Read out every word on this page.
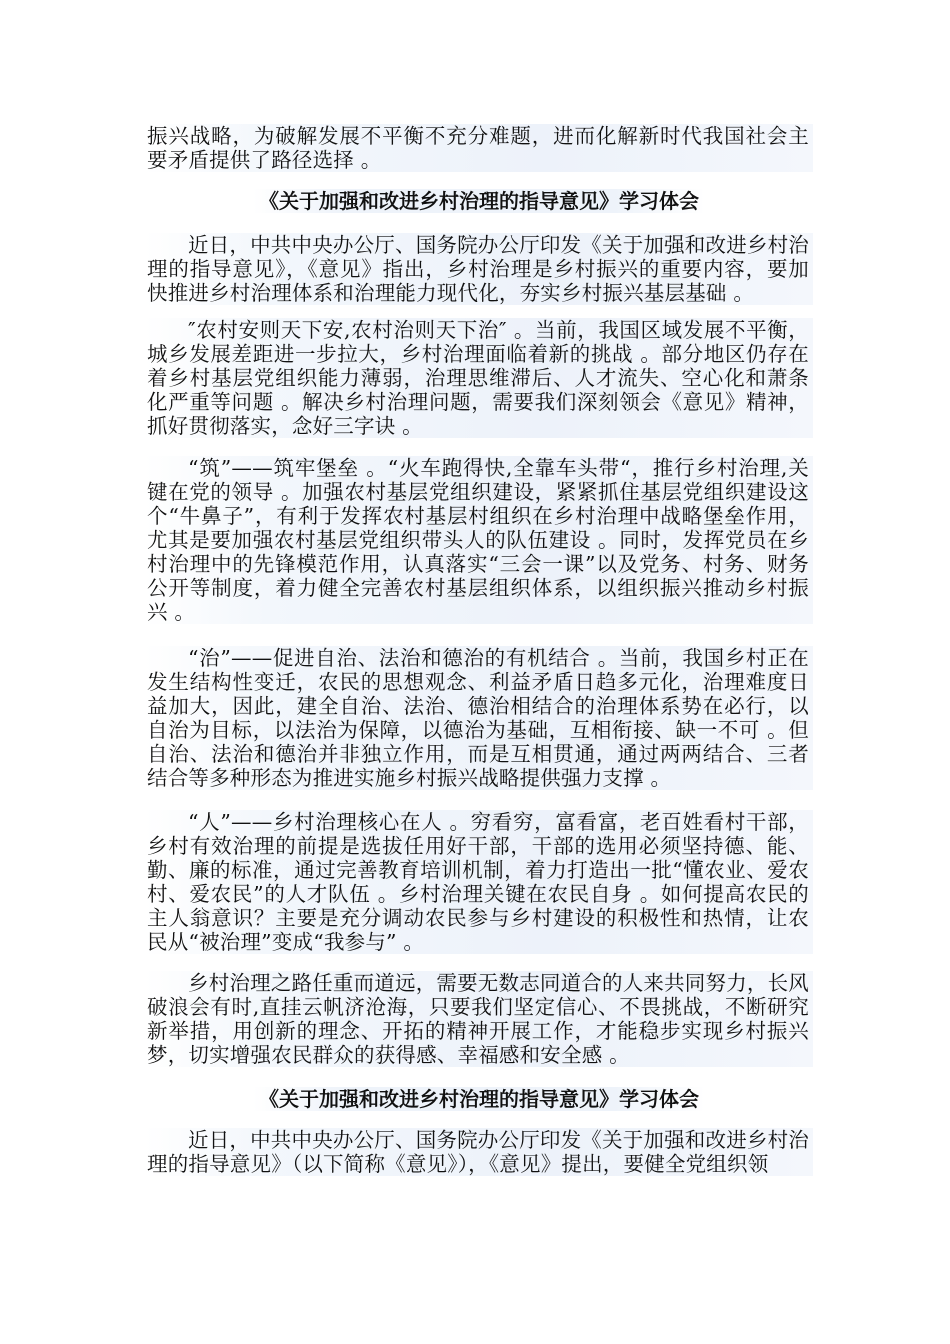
振兴战略，为破解发展不平衡不充分难题，进而化解新时代我国社会主要矛盾提供了路径选择 。

《关于加强和改进乡村治理的指导意见》学习体会

近日，中共中央办公厅、国务院办公厅印发《关于加强和改进乡村治理的指导意见》，《意见》指出，乡村治理是乡村振兴的重要内容，要加快推进乡村治理体系和治理能力现代化，夯实乡村振兴基层基础 。

″农村安则天下安,农村治则天下治″ 。当前，我国区域发展不平衡，城乡发展差距进一步拉大，乡村治理面临着新的挑战 。部分地区仍存在着乡村基层党组织能力薄弱，治理思维滞后、人才流失、空心化和萧条化严重等问题 。解决乡村治理问题，需要我们深刻领会《意见》精神，抓好贯彻落实，念好三字诀 。

“筑”——筑牢堡垒 。“火车跑得快,全靠车头带“，推行乡村治理,关键在党的领导 。加强农村基层党组织建设，紧紧抓住基层党组织建设这个“牛鼻子”，有利于发挥农村基层村组织在乡村治理中战略堡垒作用，尤其是要加强农村基层党组织带头人的队伍建设 。同时，发挥党员在乡村治理中的先锋模范作用，认真落实“三会一课”以及党务、村务、财务公开等制度，着力健全完善农村基层组织体系，以组织振兴推动乡村振兴 。

“治”——促进自治、法治和德治的有机结合 。当前，我国乡村正在发生结构性变迁，农民的思想观念、利益矛盾日趋多元化，治理难度日益加大，因此，建全自治、法治、德治相结合的治理体系势在必行，以自治为目标，以法治为保障，以德治为基础，互相衔接、缺一不可 。但自治、法治和德治并非独立作用，而是互相贯通，通过两两结合、三者结合等多种形态为推进实施乡村振兴战略提供强力支撑 。

“人”——乡村治理核心在人 。穷看穷，富看富，老百姓看村干部，乡村有效治理的前提是选拔任用好干部，干部的选用必须坚持德、能、勤、廉的标准，通过完善教育培训机制，着力打造出一批“懂农业、爱农村、爱农民”的人才队伍 。乡村治理关键在农民自身 。如何提高农民的主人翁意识？主要是充分调动农民参与乡村建设的积极性和热情，让农民从“被治理”变成“我参与” 。

乡村治理之路任重而道远，需要无数志同道合的人来共同努力，长风破浪会有时,直挂云帆济沧海，只要我们坚定信心、不畏挑战，不断研究新举措，用创新的理念、开拓的精神开展工作，才能稳步实现乡村振兴梦，切实增强农民群众的获得感、幸福感和安全感 。

《关于加强和改进乡村治理的指导意见》学习体会

近日，中共中央办公厅、国务院办公厅印发《关于加强和改进乡村治理的指导意见》（以下简称《意见》），《意见》提出，要健全党组织领
